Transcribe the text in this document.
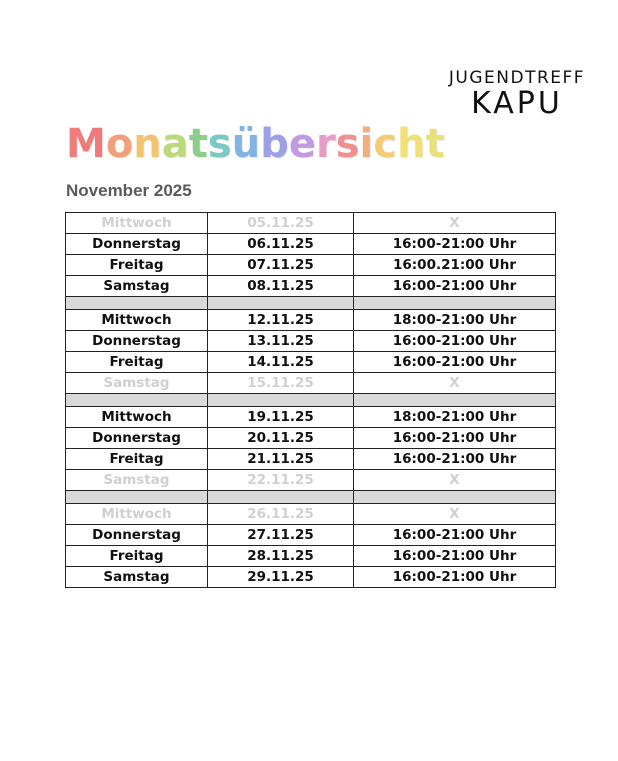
JUGENDTREFF
KAPU
Monatsübersicht
November 2025
Mittwoch	05.11.25	X
Donnerstag	06.11.25	16:00-21:00 Uhr
Freitag	07.11.25	16:00.21:00 Uhr
Samstag	08.11.25	16:00-21:00 Uhr

Mittwoch	12.11.25	18:00-21:00 Uhr
Donnerstag	13.11.25	16:00-21:00 Uhr
Freitag	14.11.25	16:00-21:00 Uhr
Samstag	15.11.25	X

Mittwoch	19.11.25	18:00-21:00 Uhr
Donnerstag	20.11.25	16:00-21:00 Uhr
Freitag	21.11.25	16:00-21:00 Uhr
Samstag	22.11.25	X

Mittwoch	26.11.25	X
Donnerstag	27.11.25	16:00-21:00 Uhr
Freitag	28.11.25	16:00-21:00 Uhr
Samstag	29.11.25	16:00-21:00 Uhr
